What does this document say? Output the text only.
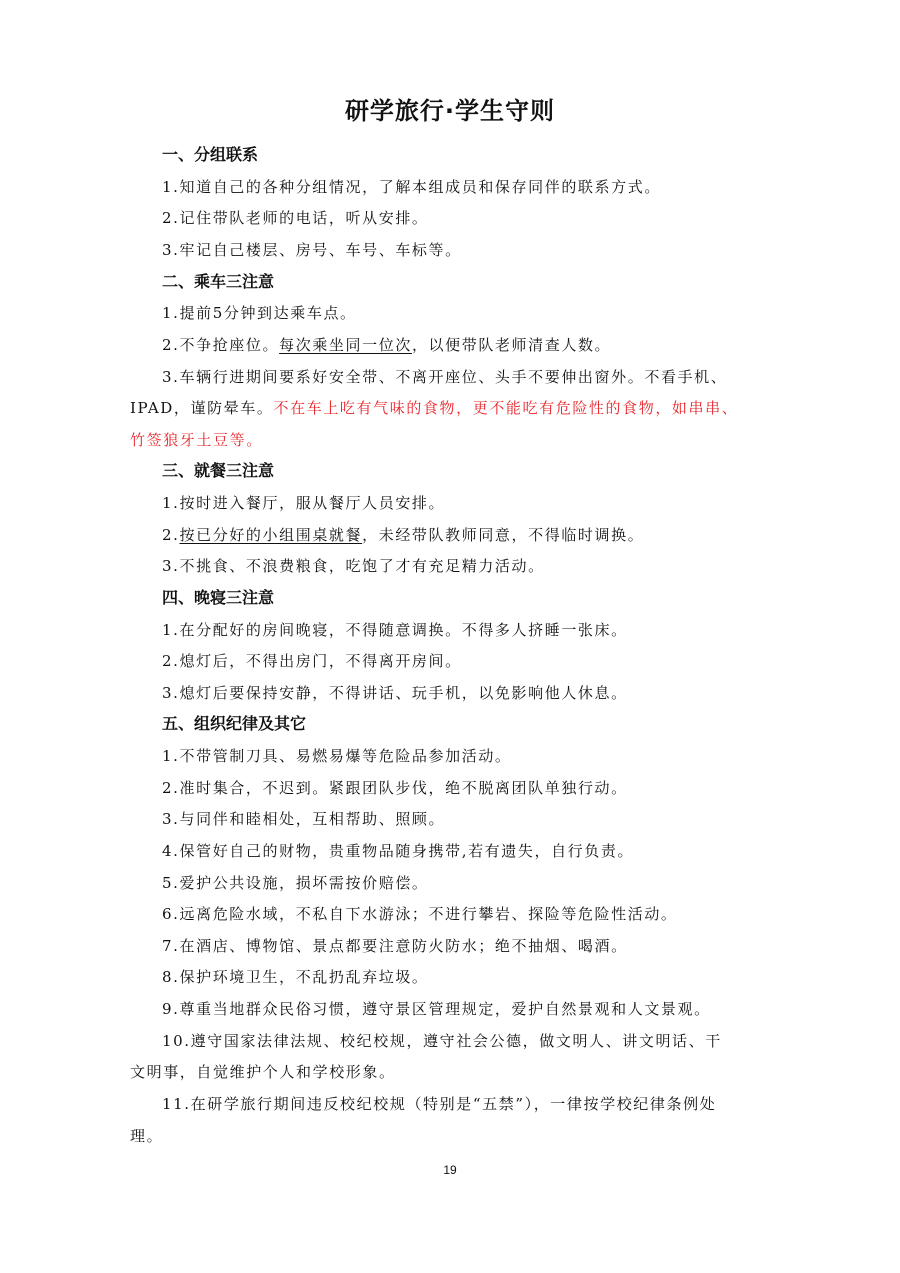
研学旅行·学生守则

一、分组联系

1.知道自己的各种分组情况，了解本组成员和保存同伴的联系方式。

2.记住带队老师的电话，听从安排。

3.牢记自己楼层、房号、车号、车标等。

二、乘车三注意

1.提前5分钟到达乘车点。

2.不争抢座位。每次乘坐同一位次，以便带队老师清查人数。

3.车辆行进期间要系好安全带、不离开座位、头手不要伸出窗外。不看手机、

IPAD，谨防晕车。不在车上吃有气味的食物，更不能吃有危险性的食物，如串串、

竹签狼牙土豆等。

三、就餐三注意

1.按时进入餐厅，服从餐厅人员安排。

2.按已分好的小组围桌就餐，未经带队教师同意，不得临时调换。

3.不挑食、不浪费粮食，吃饱了才有充足精力活动。

四、晚寝三注意

1.在分配好的房间晚寝，不得随意调换。不得多人挤睡一张床。

2.熄灯后，不得出房门，不得离开房间。

3.熄灯后要保持安静，不得讲话、玩手机，以免影响他人休息。

五、组织纪律及其它

1.不带管制刀具、易燃易爆等危险品参加活动。

2.准时集合，不迟到。紧跟团队步伐，绝不脱离团队单独行动。

3.与同伴和睦相处，互相帮助、照顾。

4.保管好自己的财物，贵重物品随身携带,若有遗失，自行负责。

5.爱护公共设施，损坏需按价赔偿。

6.远离危险水域，不私自下水游泳；不进行攀岩、探险等危险性活动。

7.在酒店、博物馆、景点都要注意防火防水；绝不抽烟、喝酒。

8.保护环境卫生，不乱扔乱弃垃圾。

9.尊重当地群众民俗习惯，遵守景区管理规定，爱护自然景观和人文景观。

10.遵守国家法律法规、校纪校规，遵守社会公德，做文明人、讲文明话、干

文明事，自觉维护个人和学校形象。

11.在研学旅行期间违反校纪校规（特别是“五禁”），一律按学校纪律条例处

理。

19
